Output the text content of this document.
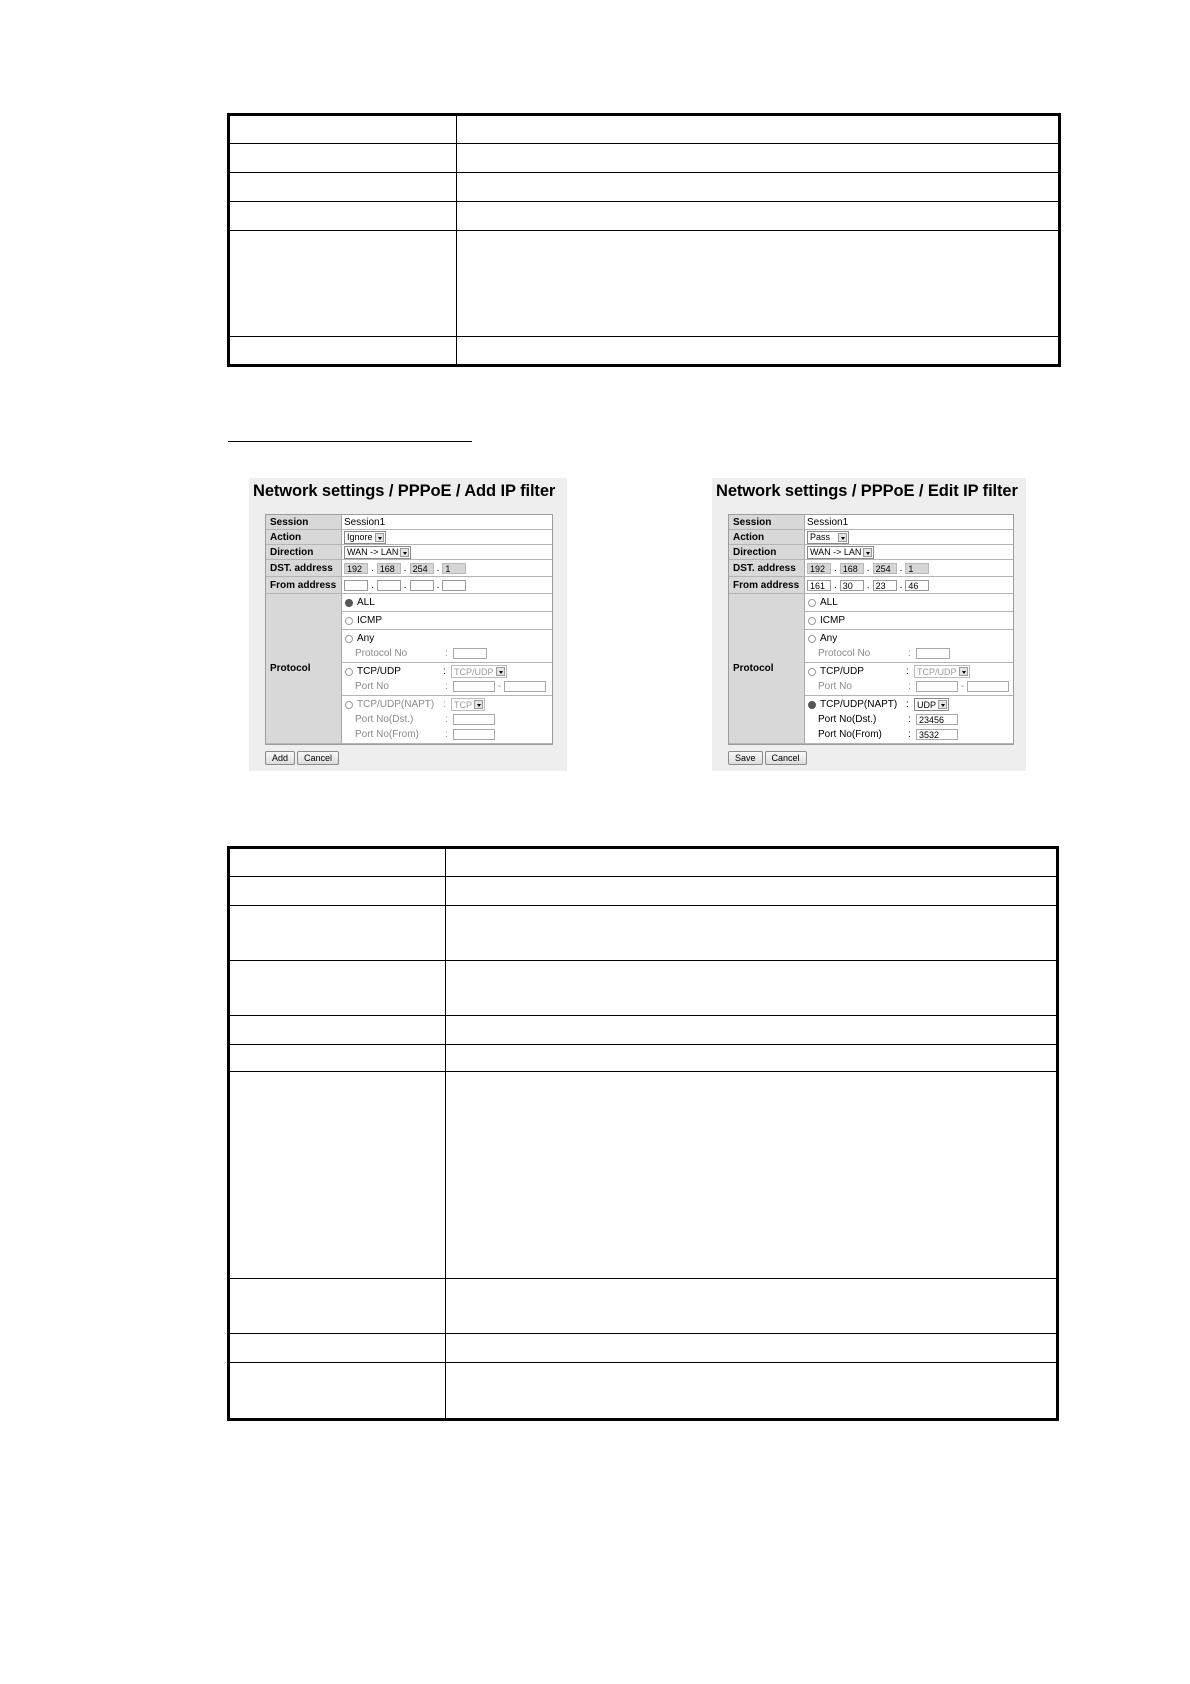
Network settings / PPPoE / Add IP filter
Session	Session1
Action	Ignore
Direction	WAN -> LAN
DST. address	192 . 168 . 254 . 1
From address	.	.	.
Protocol
ALL
ICMP
Any
Protocol No	:
TCP/UDP	: TCP/UDP
Port No	:	-
TCP/UDP(NAPT) : TCP
Port No(Dst.)	:
Port No(From)	:
Add	Cancel
Network settings / PPPoE / Edit IP filter
Session	Session1
Action	Pass
Direction	WAN -> LAN
DST. address	192 . 168 . 254 . 1
From address	161 . 30	. 23	. 46
Protocol
ALL
ICMP
Any
Protocol No	:
TCP/UDP	: TCP/UDP
Port No	:	-
TCP/UDP(NAPT) : UDP
Port No(Dst.)	: 23456
Port No(From)	: 3532
Save	Cancel
